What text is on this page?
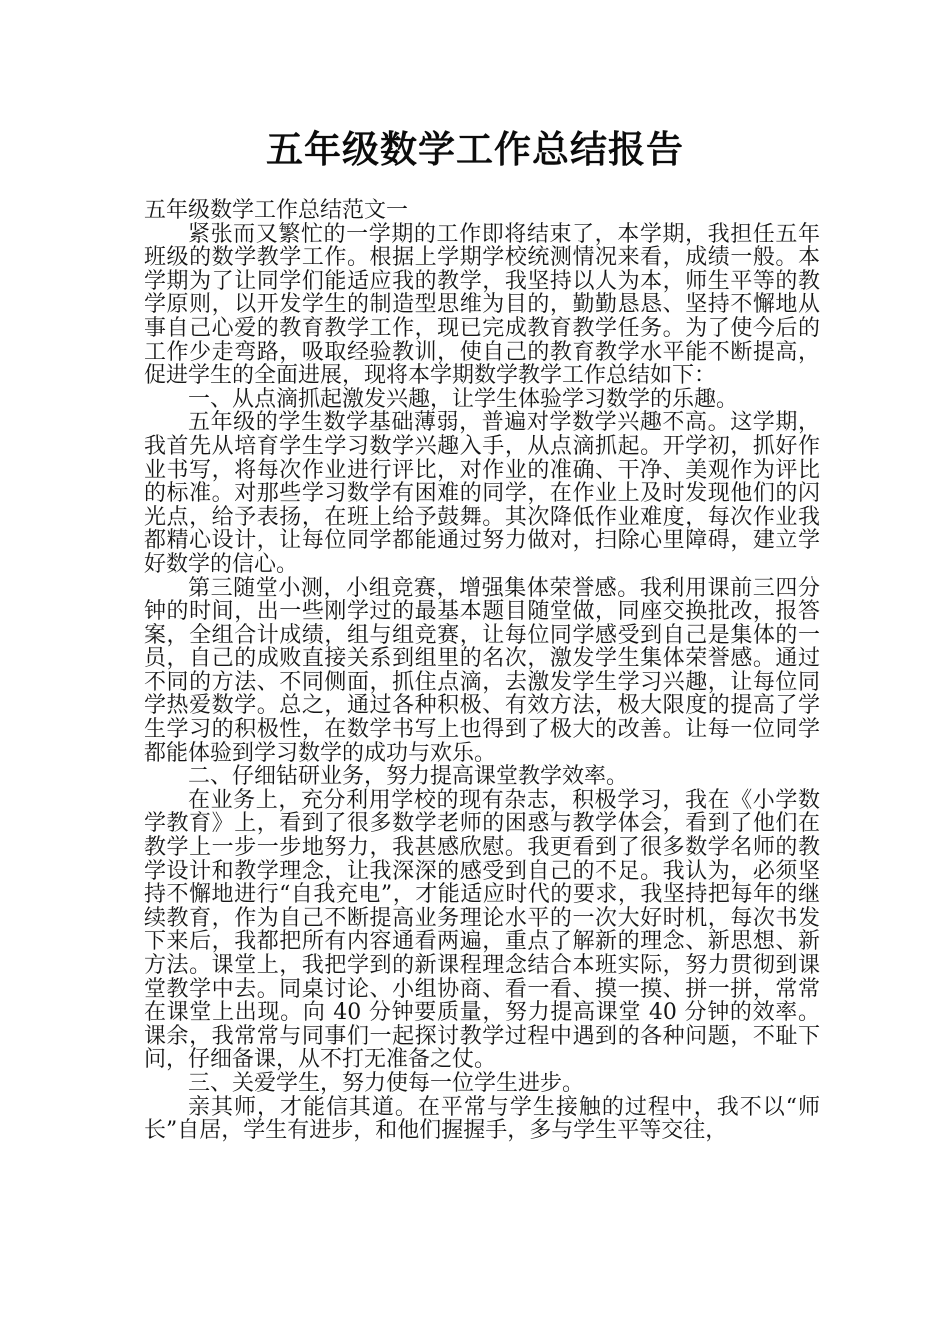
五年级数学工作总结报告

五年级数学工作总结范文一

紧张而又繁忙的一学期的工作即将结束了，本学期，我担任五年班级的数学教学工作。根据上学期学校统测情况来看，成绩一般。本学期为了让同学们能适应我的教学，我坚持以人为本，师生平等的教学原则，以开发学生的制造型思维为目的，勤勤恳恳、坚持不懈地从事自己心爱的教育教学工作，现已完成教育教学任务。为了使今后的工作少走弯路，吸取经验教训，使自己的教育教学水平能不断提高，促进学生的全面进展，现将本学期数学教学工作总结如下：

一、从点滴抓起激发兴趣，让学生体验学习数学的乐趣。

五年级的学生数学基础薄弱，普遍对学数学兴趣不高。这学期，我首先从培育学生学习数学兴趣入手，从点滴抓起。开学初，抓好作业书写，将每次作业进行评比，对作业的准确、干净、美观作为评比的标准。对那些学习数学有困难的同学，在作业上及时发现他们的闪光点，给予表扬，在班上给予鼓舞。其次降低作业难度，每次作业我都精心设计，让每位同学都能通过努力做对，扫除心里障碍，建立学好数学的信心。

第三随堂小测，小组竞赛，增强集体荣誉感。我利用课前三四分钟的时间，出一些刚学过的最基本题目随堂做，同座交换批改，报答案，全组合计成绩，组与组竞赛，让每位同学感受到自己是集体的一员，自己的成败直接关系到组里的名次，激发学生集体荣誉感。通过不同的方法、不同侧面，抓住点滴，去激发学生学习兴趣，让每位同学热爱数学。总之，通过各种积极、有效方法，极大限度的提高了学生学习的积极性，在数学书写上也得到了极大的改善。让每一位同学都能体验到学习数学的成功与欢乐。

二、仔细钻研业务，努力提高课堂教学效率。

在业务上，充分利用学校的现有杂志，积极学习，我在《小学数学教育》上，看到了很多数学老师的困惑与教学体会，看到了他们在教学上一步一步地努力，我甚感欣慰。我更看到了很多数学名师的教学设计和教学理念，让我深深的感受到自己的不足。我认为，必须坚持不懈地进行“自我充电”，才能适应时代的要求，我坚持把每年的继续教育，作为自己不断提高业务理论水平的一次大好时机，每次书发下来后，我都把所有内容通看两遍，重点了解新的理念、新思想、新方法。课堂上，我把学到的新课程理念结合本班实际，努力贯彻到课堂教学中去。同桌讨论、小组协商、看一看、摸一摸、拼一拼，常常在课堂上出现。向 40 分钟要质量，努力提高课堂 40 分钟的效率。课余，我常常与同事们一起探讨教学过程中遇到的各种问题，不耻下问，仔细备课，从不打无准备之仗。

三、关爱学生，努力使每一位学生进步。

亲其师，才能信其道。在平常与学生接触的过程中，我不以“师长”自居，学生有进步，和他们握握手，多与学生平等交往，
